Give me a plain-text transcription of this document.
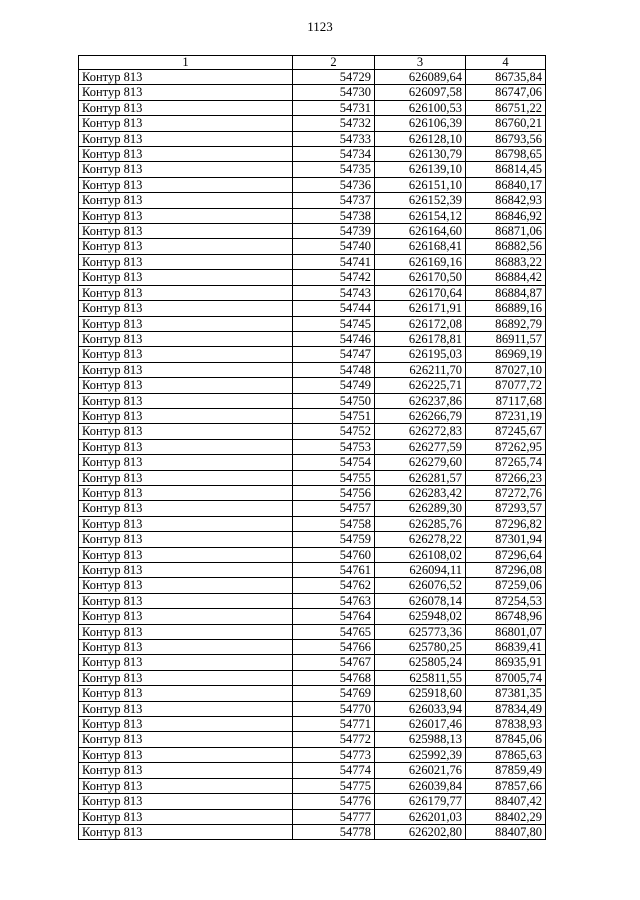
1123
1	2	3	4
Контур 813	54729	626089,64	86735,84
Контур 813	54730	626097,58	86747,06
Контур 813	54731	626100,53	86751,22
Контур 813	54732	626106,39	86760,21
Контур 813	54733	626128,10	86793,56
Контур 813	54734	626130,79	86798,65
Контур 813	54735	626139,10	86814,45
Контур 813	54736	626151,10	86840,17
Контур 813	54737	626152,39	86842,93
Контур 813	54738	626154,12	86846,92
Контур 813	54739	626164,60	86871,06
Контур 813	54740	626168,41	86882,56
Контур 813	54741	626169,16	86883,22
Контур 813	54742	626170,50	86884,42
Контур 813	54743	626170,64	86884,87
Контур 813	54744	626171,91	86889,16
Контур 813	54745	626172,08	86892,79
Контур 813	54746	626178,81	86911,57
Контур 813	54747	626195,03	86969,19
Контур 813	54748	626211,70	87027,10
Контур 813	54749	626225,71	87077,72
Контур 813	54750	626237,86	87117,68
Контур 813	54751	626266,79	87231,19
Контур 813	54752	626272,83	87245,67
Контур 813	54753	626277,59	87262,95
Контур 813	54754	626279,60	87265,74
Контур 813	54755	626281,57	87266,23
Контур 813	54756	626283,42	87272,76
Контур 813	54757	626289,30	87293,57
Контур 813	54758	626285,76	87296,82
Контур 813	54759	626278,22	87301,94
Контур 813	54760	626108,02	87296,64
Контур 813	54761	626094,11	87296,08
Контур 813	54762	626076,52	87259,06
Контур 813	54763	626078,14	87254,53
Контур 813	54764	625948,02	86748,96
Контур 813	54765	625773,36	86801,07
Контур 813	54766	625780,25	86839,41
Контур 813	54767	625805,24	86935,91
Контур 813	54768	625811,55	87005,74
Контур 813	54769	625918,60	87381,35
Контур 813	54770	626033,94	87834,49
Контур 813	54771	626017,46	87838,93
Контур 813	54772	625988,13	87845,06
Контур 813	54773	625992,39	87865,63
Контур 813	54774	626021,76	87859,49
Контур 813	54775	626039,84	87857,66
Контур 813	54776	626179,77	88407,42
Контур 813	54777	626201,03	88402,29
Контур 813	54778	626202,80	88407,80
